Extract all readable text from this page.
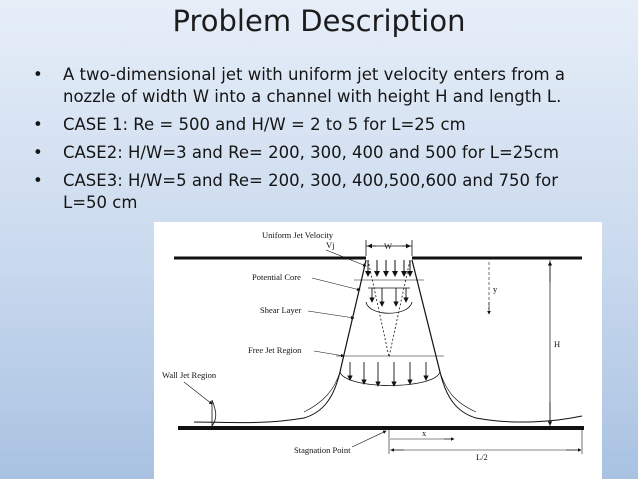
Problem Description
• A two-dimensional jet with uniform jet velocity enters from a
nozzle of width W into a channel with height H and length L.
• CASE 1: Re = 500 and H/W = 2 to 5 for L=25 cm
• CASE2: H/W=3 and Re= 200, 300, 400 and 500 for L=25cm
• CASE3: H/W=5 and Re= 200, 300, 400,500,600 and 750 for
L=50 cm
W
Uniform Jet Velocity
Vj
Potential Core
Shear Layer
Free Jet Region
Wall Jet Region
y
H
x
L/2
Stagnation Point
